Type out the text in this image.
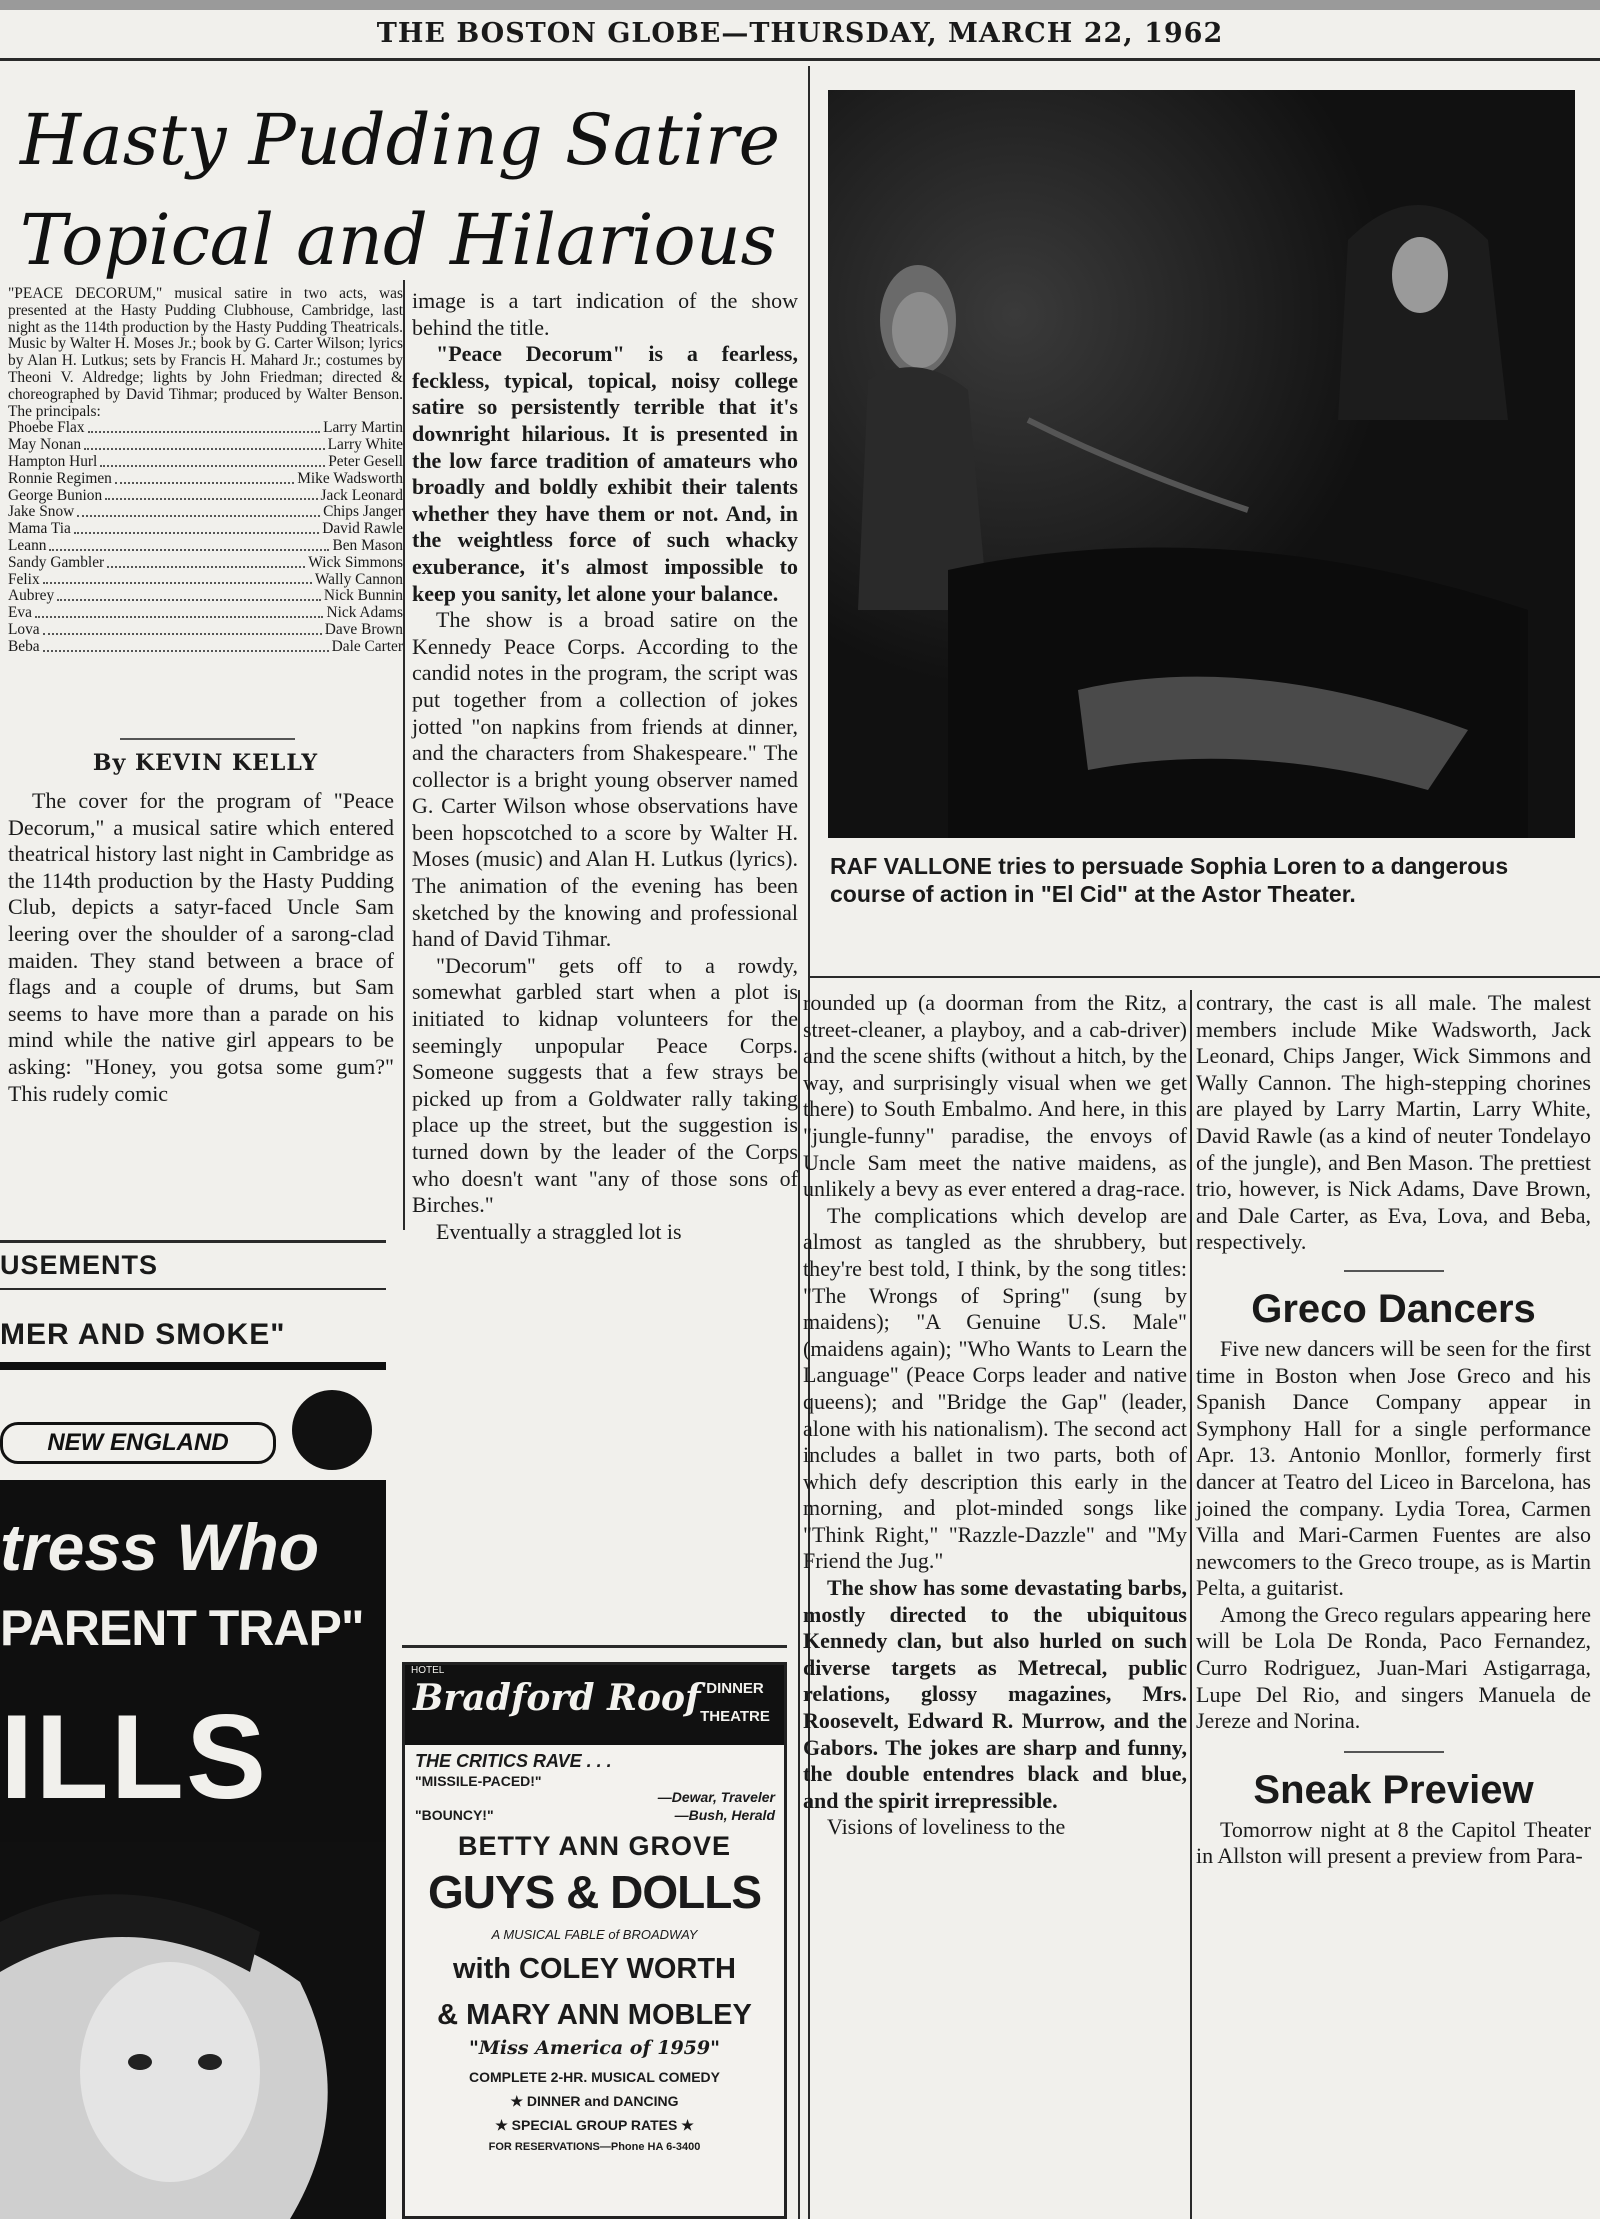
THE BOSTON GLOBE—THURSDAY, MARCH 22, 1962
Hasty Pudding Satire
Topical and Hilarious
"PEACE DECORUM," musical satire in two acts, was presented at the Hasty Pudding Clubhouse, Cambridge, last night as the 114th production by the Hasty Pudding Theatricals. Music by Walter H. Moses Jr.; book by G. Carter Wilson; lyrics by Alan H. Lutkus; sets by Francis H. Mahard Jr.; costumes by Theoni V. Aldredge; lights by John Friedman; directed & choreographed by David Tihmar; produced by Walter Benson. The principals:
Phoebe Flax	Larry Martin
May Nonan	Larry White
Hampton Hurl	Peter Gesell
Ronnie Regimen	Mike Wadsworth
George Bunion	Jack Leonard
Jake Snow	Chips Janger
Mama Tia	David Rawle
Leann	Ben Mason
Sandy Gambler	Wick Simmons
Felix	Wally Cannon
Aubrey	Nick Bunnin
Eva	Nick Adams
Lova	Dave Brown
Beba	Dale Carter
By KEVIN KELLY

The cover for the program of "Peace Decorum," a musical satire which entered theatrical history last night in Cambridge as the 114th production by the Hasty Pudding Club, depicts a satyr-faced Uncle Sam leering over the shoulder of a sarong-clad maiden. They stand between a brace of flags and a couple of drums, but Sam seems to have more than a parade on his mind while the native girl appears to be asking: "Honey, you gotsa some gum?" This rudely comic

image is a tart indication of the show behind the title.

"Peace Decorum" is a fearless, feckless, typical, topical, noisy college satire so persistently terrible that it's downright hilarious. It is presented in the low farce tradition of amateurs who broadly and boldly exhibit their talents whether they have them or not. And, in the weightless force of such whacky exuberance, it's almost impossible to keep you sanity, let alone your balance.

The show is a broad satire on the Kennedy Peace Corps. According to the candid notes in the program, the script was put together from a collection of jokes jotted "on napkins from friends at dinner, and the characters from Shakespeare." The collector is a bright young observer named G. Carter Wilson whose observations have been hopscotched to a score by Walter H. Moses (music) and Alan H. Lutkus (lyrics). The animation of the evening has been sketched by the knowing and professional hand of David Tihmar.

"Decorum" gets off to a rowdy, somewhat garbled start when a plot is initiated to kidnap volunteers for the seemingly unpopular Peace Corps. Someone suggests that a few strays be picked up from a Goldwater rally taking place up the street, but the suggestion is turned down by the leader of the Corps who doesn't want "any of those sons of Birches."

Eventually a straggled lot is

RAF VALLONE tries to persuade Sophia Loren to a dangerous course of action in "El Cid" at the Astor Theater.

rounded up (a doorman from the Ritz, a street-cleaner, a playboy, and a cab-driver) and the scene shifts (without a hitch, by the way, and surprisingly visual when we get there) to South Embalmo. And here, in this "jungle-funny" paradise, the envoys of Uncle Sam meet the native maidens, as unlikely a bevy as ever entered a drag-race.

The complications which develop are almost as tangled as the shrubbery, but they're best told, I think, by the song titles: "The Wrongs of Spring" (sung by maidens); "A Genuine U.S. Male" (maidens again); "Who Wants to Learn the Language" (Peace Corps leader and native queens); and "Bridge the Gap" (leader, alone with his nationalism). The second act includes a ballet in two parts, both of which defy description this early in the morning, and plot-minded songs like "Think Right," "Razzle-Dazzle" and "My Friend the Jug."

The show has some devastating barbs, mostly directed to the ubiquitous Kennedy clan, but also hurled on such diverse targets as Metrecal, public relations, glossy magazines, Mrs. Roosevelt, Edward R. Murrow, and the Gabors. The jokes are sharp and funny, the double entendres black and blue, and the spirit irrepressible.

Visions of loveliness to the

contrary, the cast is all male. The malest members include Mike Wadsworth, Jack Leonard, Chips Janger, Wick Simmons and Wally Cannon. The high-stepping chorines are played by Larry Martin, Larry White, David Rawle (as a kind of neuter Tondelayo of the jungle), and Ben Mason. The prettiest trio, however, is Nick Adams, Dave Brown, and Dale Carter, as Eva, Lova, and Beba, respectively.

Greco Dancers

Five new dancers will be seen for the first time in Boston when Jose Greco and his Spanish Dance Company appear in Symphony Hall for a single performance Apr. 13. Antonio Monllor, formerly first dancer at Teatro del Liceo in Barcelona, has joined the company. Lydia Torea, Carmen Villa and Mari-Carmen Fuentes are also newcomers to the Greco troupe, as is Martin Pelta, a guitarist.

Among the Greco regulars appearing here will be Lola De Ronda, Paco Fernandez, Curro Rodriguez, Juan-Mari Astigarraga, Lupe Del Rio, and singers Manuela de Jereze and Norina.

Sneak Preview

Tomorrow night at 8 the Capitol Theater in Allston will present a preview from Para-

USEMENTS
MER AND SMOKE"
NEW ENGLAND
tress Who
PARENT TRAP"
ILLS
HOTEL
Bradford Roof DINNER
THEATRE
THE CRITICS RAVE . . .
"MISSILE-PACED!"
—Dewar, Traveler
"BOUNCY!"	—Bush, Herald
BETTY ANN GROVE
GUYS & DOLLS
A MUSICAL FABLE of BROADWAY
with COLEY WORTH
& MARY ANN MOBLEY
"Miss America of 1959"
COMPLETE 2-HR. MUSICAL COMEDY
★ DINNER and DANCING
★ SPECIAL GROUP RATES ★
FOR RESERVATIONS—Phone HA 6-3400
